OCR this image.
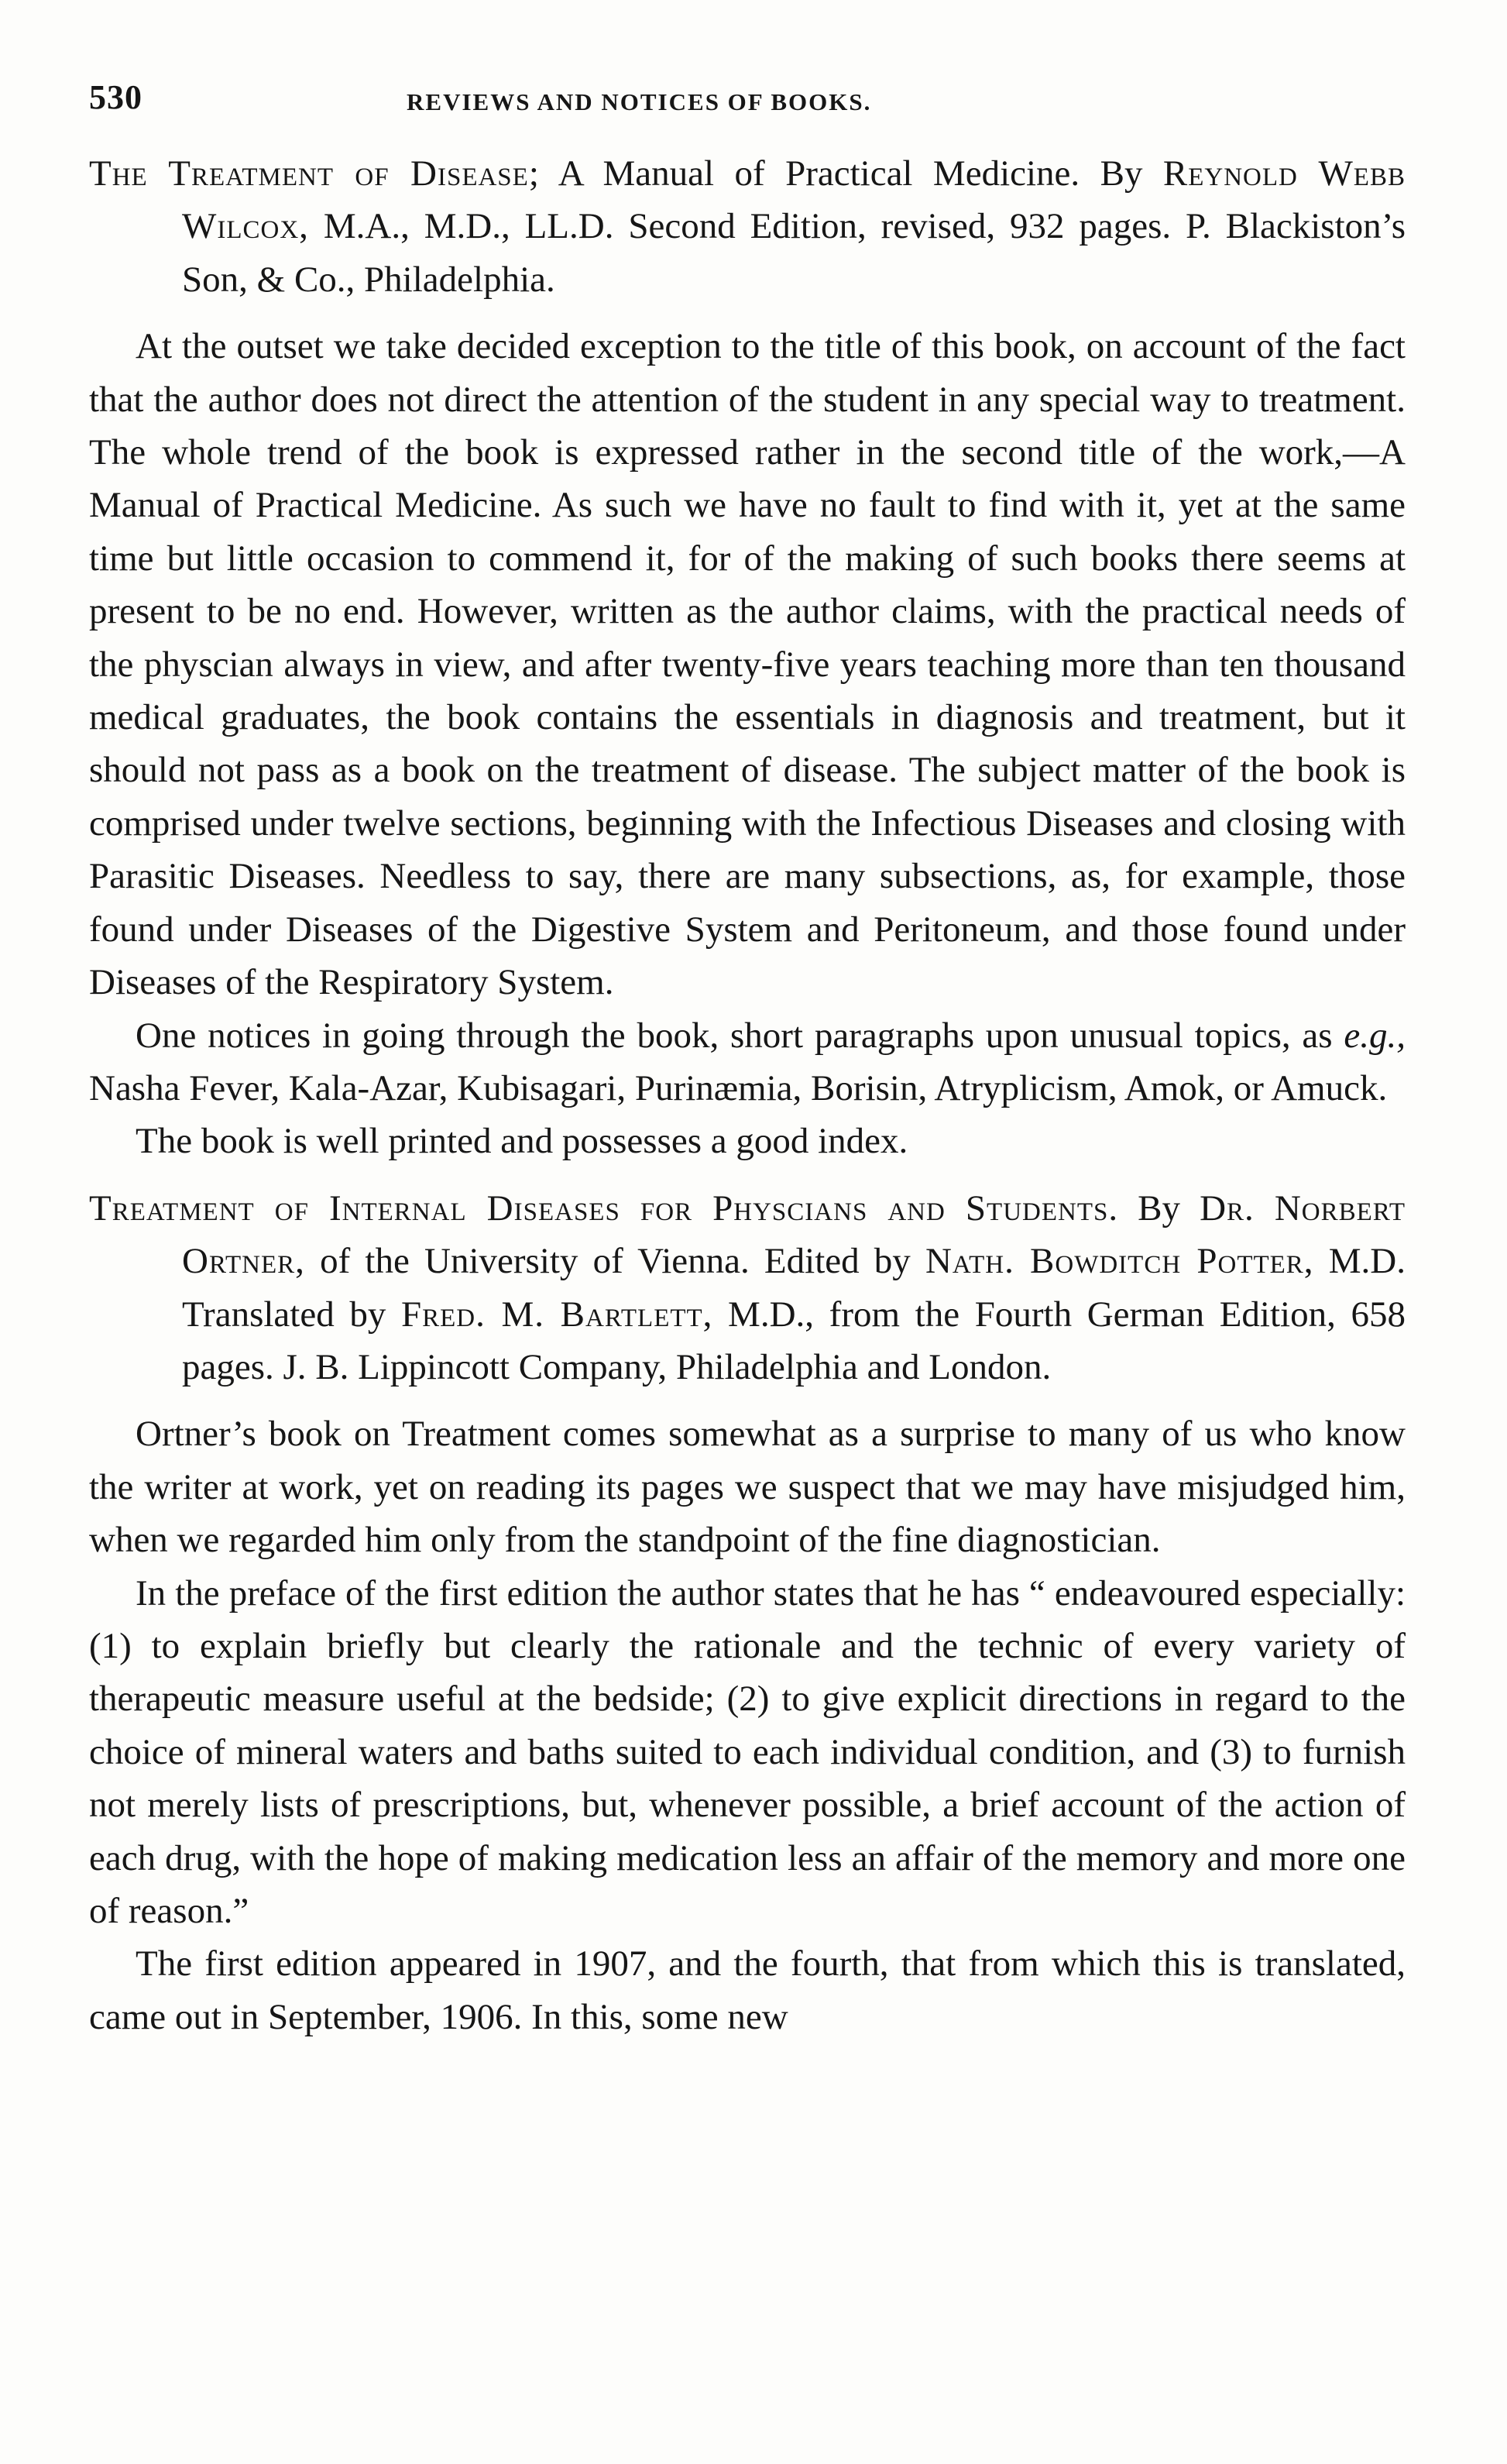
530	REVIEWS AND NOTICES OF BOOKS.

The Treatment of Disease; A Manual of Practical Medicine. By Reynold Webb Wilcox, M.A., M.D., LL.D. Second Edition, revised, 932 pages. P. Blackiston’s Son, & Co., Philadelphia.

At the outset we take decided exception to the title of this book, on account of the fact that the author does not direct the attention of the student in any special way to treatment. The whole trend of the book is expressed rather in the second title of the work,—A Manual of Practical Medicine. As such we have no fault to find with it, yet at the same time but little occasion to commend it, for of the making of such books there seems at present to be no end. However, written as the author claims, with the practical needs of the physcian always in view, and after twenty-five years teaching more than ten thousand medical graduates, the book contains the essentials in diagnosis and treatment, but it should not pass as a book on the treatment of disease. The subject matter of the book is comprised under twelve sections, beginning with the Infectious Diseases and closing with Parasitic Diseases. Needless to say, there are many subsections, as, for example, those found under Diseases of the Digestive System and Peritoneum, and those found under Diseases of the Respiratory System.

One notices in going through the book, short paragraphs upon unusual topics, as e.g., Nasha Fever, Kala-Azar, Kubisagari, Purinæmia, Borisin, Atryplicism, Amok, or Amuck.

The book is well printed and possesses a good index.

Treatment of Internal Diseases for Physcians and Students. By Dr. Norbert Ortner, of the University of Vienna. Edited by Nath. Bowditch Potter, M.D. Translated by Fred. M. Bartlett, M.D., from the Fourth German Edition, 658 pages. J. B. Lippincott Company, Philadelphia and London.

Ortner’s book on Treatment comes somewhat as a surprise to many of us who know the writer at work, yet on reading its pages we suspect that we may have misjudged him, when we regarded him only from the standpoint of the fine diagnostician.

In the preface of the first edition the author states that he has “ endeavoured especially: (1) to explain briefly but clearly the rationale and the technic of every variety of therapeutic measure useful at the bedside; (2) to give explicit directions in regard to the choice of mineral waters and baths suited to each individual condition, and (3) to furnish not merely lists of prescriptions, but, whenever possible, a brief account of the action of each drug, with the hope of making medication less an affair of the memory and more one of reason.”

The first edition appeared in 1907, and the fourth, that from which this is translated, came out in September, 1906. In this, some new
